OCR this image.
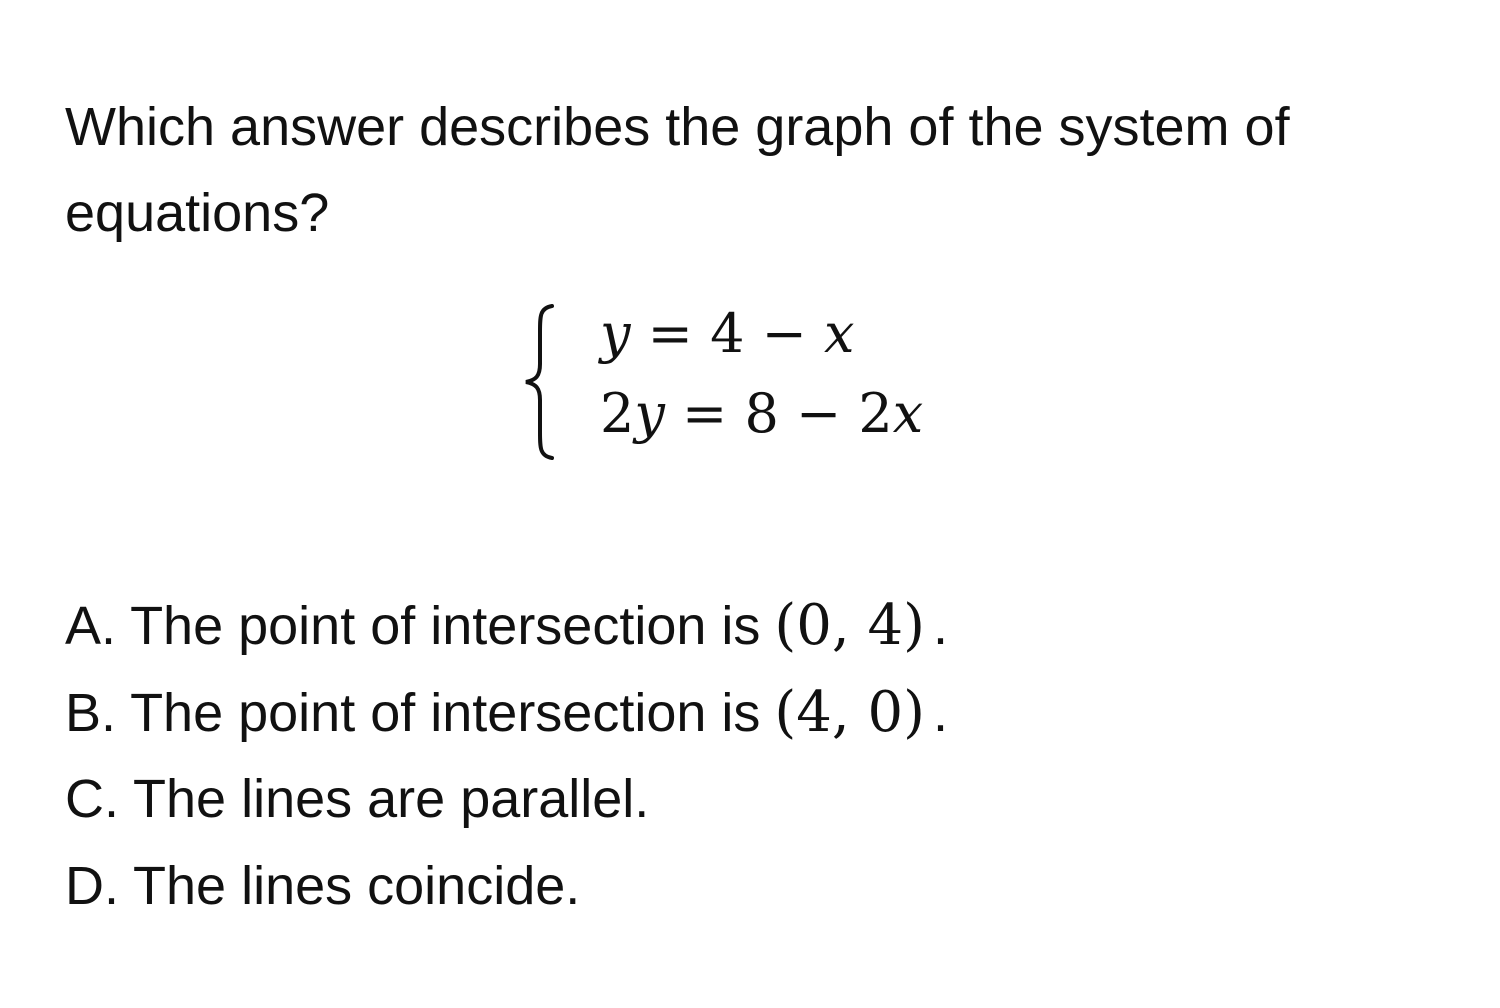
Which answer describes the graph of the system of equations?

y = 4 − x
2y = 8 − 2x
A. The point of intersection is (0, 4) .
B. The point of intersection is (4, 0) .
C. The lines are parallel.
D. The lines coincide.
